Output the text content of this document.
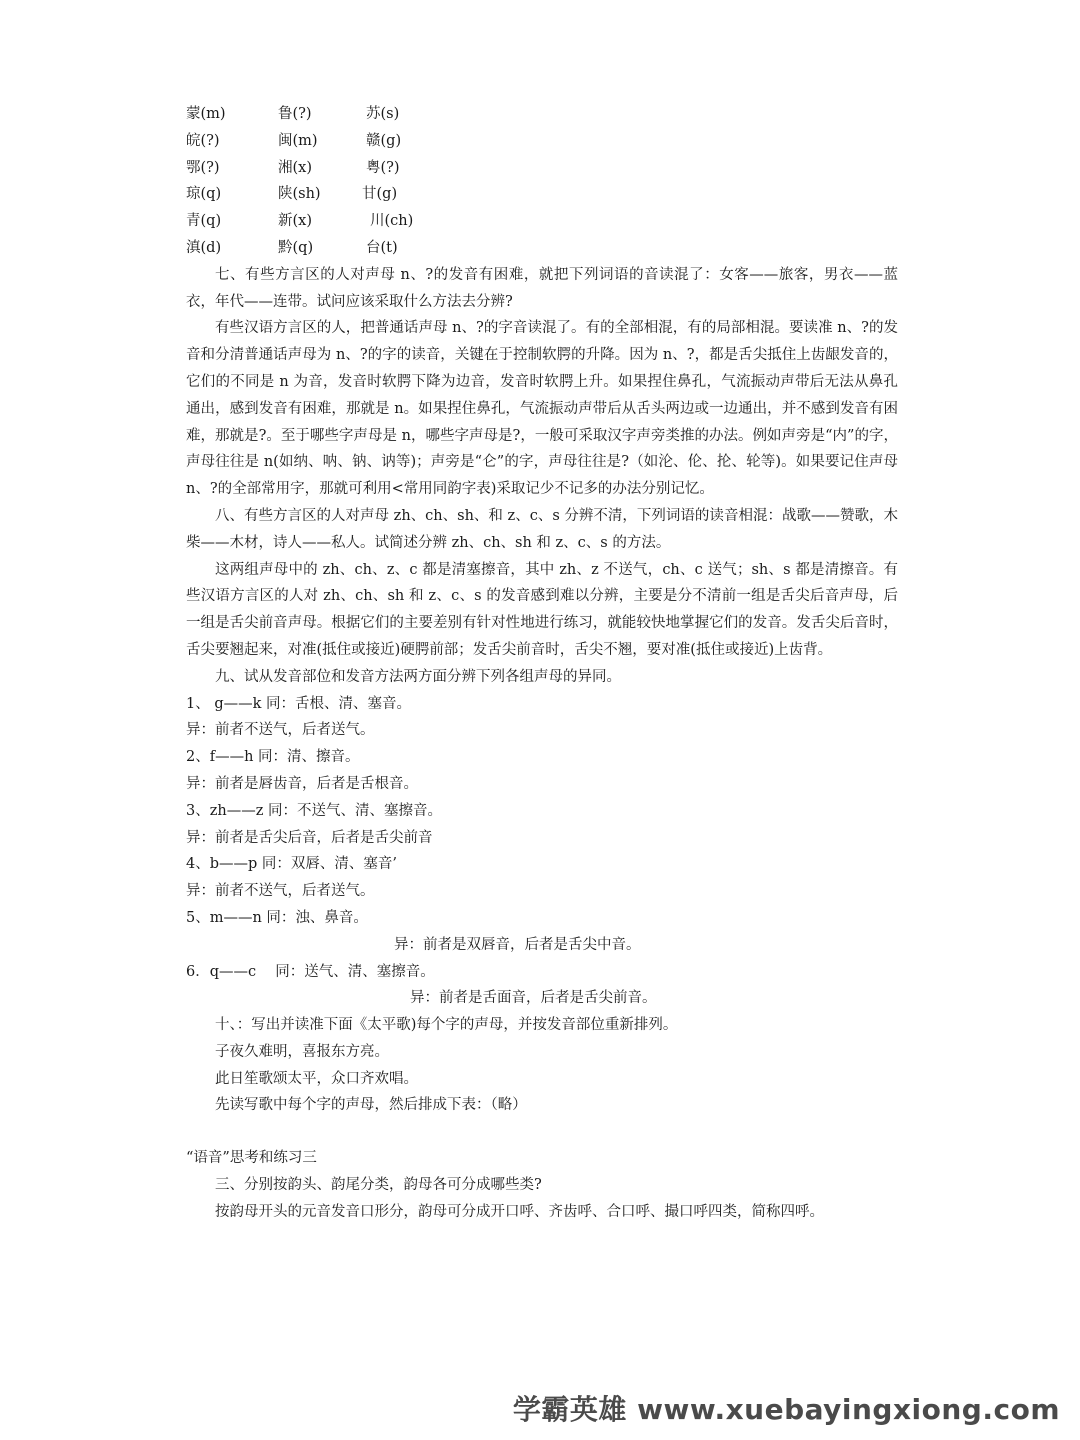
蒙(m)	鲁(?)	苏(s)
皖(?)	闽(m)	赣(g)
鄂(?)	湘(x)	粤(?)
琼(q)	陕(sh)	甘(g)
青(q)	新(x)	川(ch)
滇(d)	黔(q)	台(t)

七、有些方言区的人对声母 n、?的发音有困难，就把下列词语的音读混了：女客——旅客，男衣——蓝衣，年代——连带。试问应该采取什么方法去分辨?

有些汉语方言区的人，把普通话声母 n、?的字音读混了。有的全部相混，有的局部相混。要读准 n、?的发音和分清普通话声母为 n、?的字的读音，关键在于控制软腭的升降。因为 n、?，都是舌尖抵住上齿龈发音的，它们的不同是 n 为音，发音时软腭下降为边音，发音时软腭上升。如果捏住鼻孔，气流振动声带后无法从鼻孔通出，感到发音有困难，那就是 n。如果捏住鼻孔，气流振动声带后从舌头两边或一边通出，并不感到发音有困难，那就是?。至于哪些字声母是 n，哪些字声母是?，一般可采取汉字声旁类推的办法。例如声旁是“内”的字，声母往往是 n(如纳、呐、钠、讷等)；声旁是“仑”的字，声母往往是?（如沦、伦、抡、轮等)。如果要记住声母 n、?的全部常用字，那就可利用<常用同韵字表)采取记少不记多的办法分别记忆。

八、有些方言区的人对声母 zh、ch、sh、和 z、c、s 分辨不清，下列词语的读音相混：战歌——赞歌，木柴——木材，诗人——私人。试简述分辨 zh、ch、sh 和 z、c、s 的方法。

这两组声母中的 zh、ch、z、c 都是清塞擦音，其中 zh、z 不送气，ch、c 送气；sh、s 都是清擦音。有些汉语方言区的人对 zh、ch、sh 和 z、c、s 的发音感到难以分辨，主要是分不清前一组是舌尖后音声母，后一组是舌尖前音声母。根据它们的主要差别有针对性地进行练习，就能较快地掌握它们的发音。发舌尖后音时，舌尖要翘起来，对准(抵住或接近)硬腭前部；发舌尖前音时，舌尖不翘，要对准(抵住或接近)上齿背。

九、试从发音部位和发音方法两方面分辨下列各组声母的异同。

1、 g——k 同：舌根、清、塞音。
异：前者不送气，后者送气。
2、f——h 同：清、擦音。
异：前者是唇齿音，后者是舌根音。
3、zh——z 同：不送气、清、塞擦音。
异：前者是舌尖后音，后者是舌尖前音
4、b——p 同：双唇、清、塞音’
异：前者不送气，后者送气。
5、m——n 同：浊、鼻音。
异：前者是双唇音，后者是舌尖中音。
6．q——c　 同：送气、清、塞擦音。
异：前者是舌面音，后者是舌尖前音。

十、：写出并读准下面《太平歌)每个字的声母，并按发音部位重新排列。

子夜久难明，喜报东方亮。

此日笙歌颂太平，众口齐欢唱。

先读写歌中每个字的声母，然后排成下表：（略）

“语音”思考和练习三

三、分别按韵头、韵尾分类，韵母各可分成哪些类?

按韵母开头的元音发音口形分，韵母可分成开口呼、齐齿呼、合口呼、撮口呼四类，简称四呼。

学霸英雄 www.xuebayingxiong.com
